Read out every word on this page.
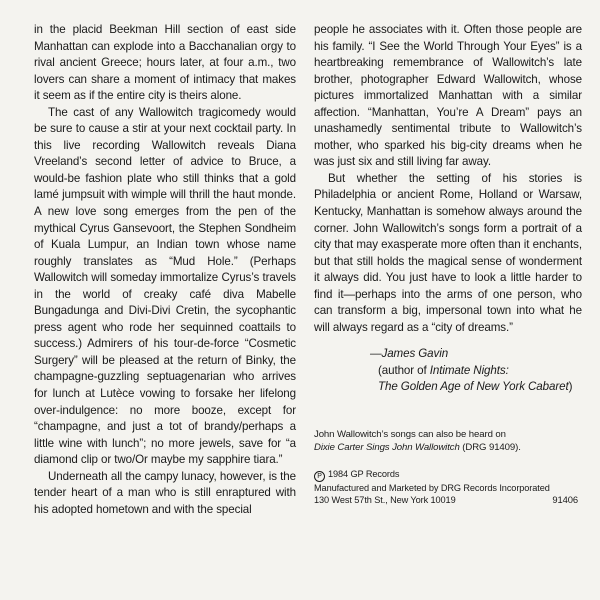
in the placid Beekman Hill section of east side Manhattan can explode into a Bacchanalian orgy to rival ancient Greece; hours later, at four a.m., two lovers can share a moment of intimacy that makes it seem as if the entire city is theirs alone.

The cast of any Wallowitch tragicomedy would be sure to cause a stir at your next cocktail party. In this live recording Wallowitch reveals Diana Vreeland’s second letter of advice to Bruce, a would-be fashion plate who still thinks that a gold lamé jumpsuit with wimple will thrill the haut monde. A new love song emerges from the pen of the mythical Cyrus Gansevoort, the Stephen Sondheim of Kuala Lumpur, an Indian town whose name roughly translates as “Mud Hole.” (Perhaps Wallowitch will someday immortalize Cyrus’s travels in the world of creaky café diva Mabelle Bungadunga and Divi-Divi Cretin, the sycophantic press agent who rode her sequinned coattails to success.) Admirers of his tour-de-force “Cosmetic Surgery” will be pleased at the return of Binky, the champagne-guzzling septuagenarian who arrives for lunch at Lutèce vowing to forsake her lifelong over-indulgence: no more booze, except for “champagne, and just a tot of brandy/perhaps a little wine with lunch”; no more jewels, save for “a diamond clip or two/Or maybe my sapphire tiara.”

Underneath all the campy lunacy, however, is the tender heart of a man who is still enraptured with his adopted hometown and with the special

people he associates with it. Often those people are his family. “I See the World Through Your Eyes” is a heartbreaking remembrance of Wallowitch’s late brother, photographer Edward Wallowitch, whose pictures immortalized Manhattan with a similar affection. “Manhattan, You’re A Dream” pays an unashamedly sentimental tribute to Wallowitch’s mother, who sparked his big-city dreams when he was just six and still living far away.

But whether the setting of his stories is Philadelphia or ancient Rome, Holland or Warsaw, Kentucky, Manhattan is somehow always around the corner. John Wallowitch’s songs form a portrait of a city that may exasperate more often than it enchants, but that still holds the magical sense of wonderment it always did. You just have to look a little harder to find it—perhaps into the arms of one person, who can transform a big, impersonal town into what he will always regard as a “city of dreams.”

—James Gavin
(author of Intimate Nights:
The Golden Age of New York Cabaret)
John Wallowitch’s songs can also be heard on
Dixie Carter Sings John Wallowitch (DRG 91409).
P 1984 GP Records
Manufactured and Marketed by DRG Records Incorporated
130 West 57th St., New York 10019	91406
